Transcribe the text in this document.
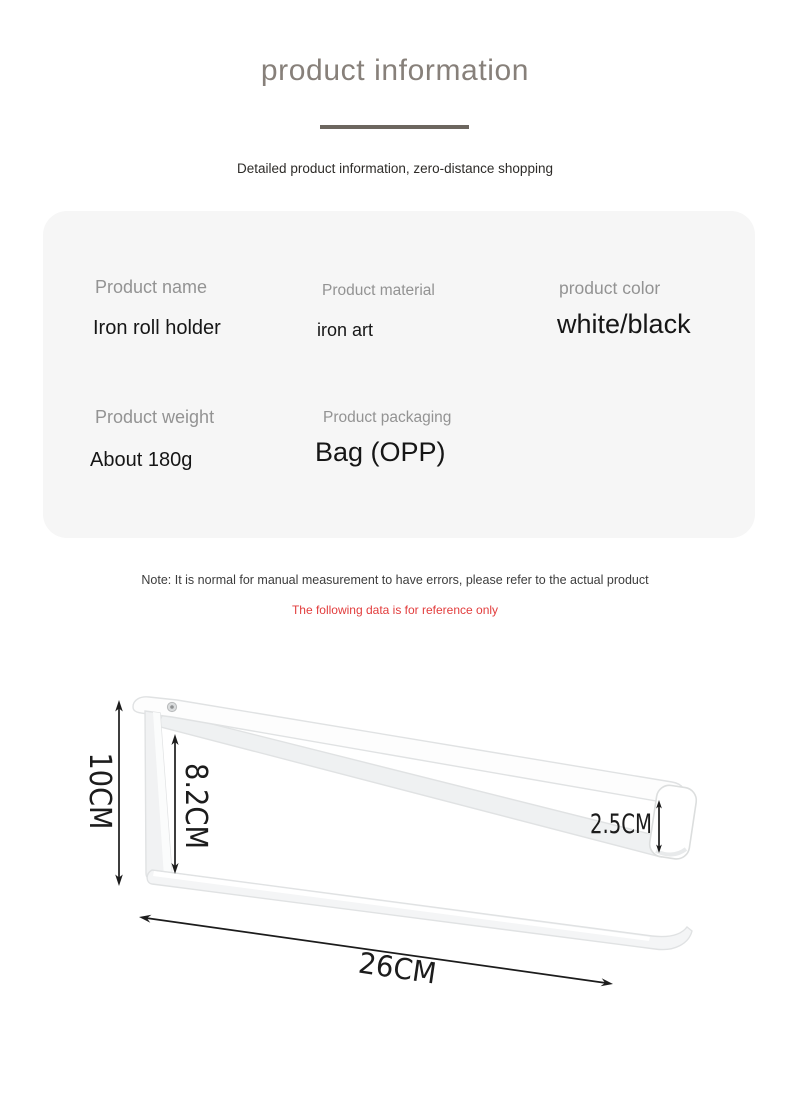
product information

Detailed product information, zero-distance shopping

Product name
Iron roll holder
Product material
iron art
product color
white/black
Product weight
About 180g
Product packaging
Bag (OPP)

Note: It is normal for manual measurement to have errors, please refer to the actual product

The following data is for reference only

10CM 8.2CM	2.5CM
26CM
